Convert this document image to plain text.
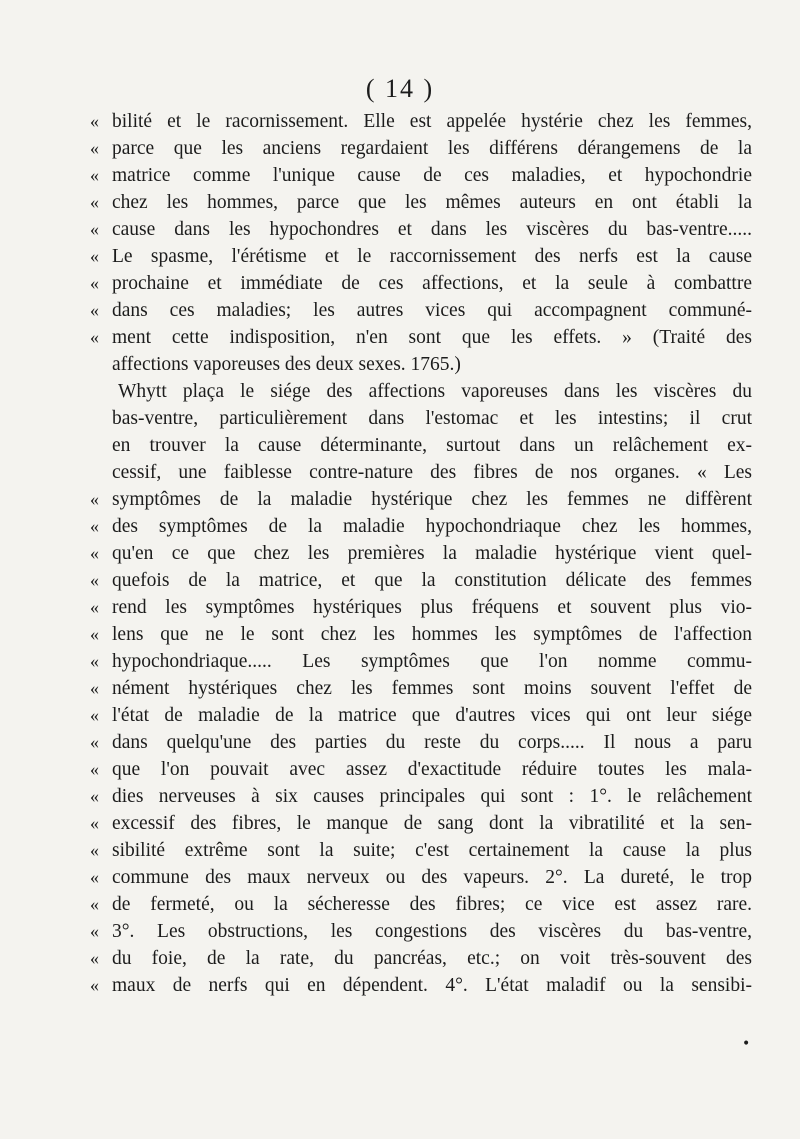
( 14 )
« bilité et le racornissement. Elle est appelée hystérie chez les femmes,
« parce que les anciens regardaient les différens dérangemens de la
« matrice comme l'unique cause de ces maladies, et hypochondrie
« chez les hommes, parce que les mêmes auteurs en ont établi la
« cause dans les hypochondres et dans les viscères du bas-ventre.....
« Le spasme, l'érétisme et le raccornissement des nerfs est la cause
« prochaine et immédiate de ces affections, et la seule à combattre
« dans ces maladies; les autres vices qui accompagnent communé-
« ment cette indisposition, n'en sont que les effets. » (Traité des
affections vaporeuses des deux sexes. 1765.)
Whytt plaça le siége des affections vaporeuses dans les viscères du
bas-ventre, particulièrement dans l'estomac et les intestins; il crut
en trouver la cause déterminante, surtout dans un relâchement ex-
cessif, une faiblesse contre-nature des fibres de nos organes. « Les
« symptômes de la maladie hystérique chez les femmes ne diffèrent
« des symptômes de la maladie hypochondriaque chez les hommes,
« qu'en ce que chez les premières la maladie hystérique vient quel-
« quefois de la matrice, et que la constitution délicate des femmes
« rend les symptômes hystériques plus fréquens et souvent plus vio-
« lens que ne le sont chez les hommes les symptômes de l'affection
« hypochondriaque..... Les symptômes que l'on nomme commu-
« nément hystériques chez les femmes sont moins souvent l'effet de
« l'état de maladie de la matrice que d'autres vices qui ont leur siége
« dans quelqu'une des parties du reste du corps..... Il nous a paru
« que l'on pouvait avec assez d'exactitude réduire toutes les mala-
« dies nerveuses à six causes principales qui sont : 1°. le relâchement
« excessif des fibres, le manque de sang dont la vibratilité et la sen-
« sibilité extrême sont la suite; c'est certainement la cause la plus
« commune des maux nerveux ou des vapeurs. 2°. La dureté, le trop
« de fermeté, ou la sécheresse des fibres; ce vice est assez rare.
« 3°. Les obstructions, les congestions des viscères du bas-ventre,
« du foie, de la rate, du pancréas, etc.; on voit très-souvent des
« maux de nerfs qui en dépendent. 4°. L'état maladif ou la sensibi-
•
